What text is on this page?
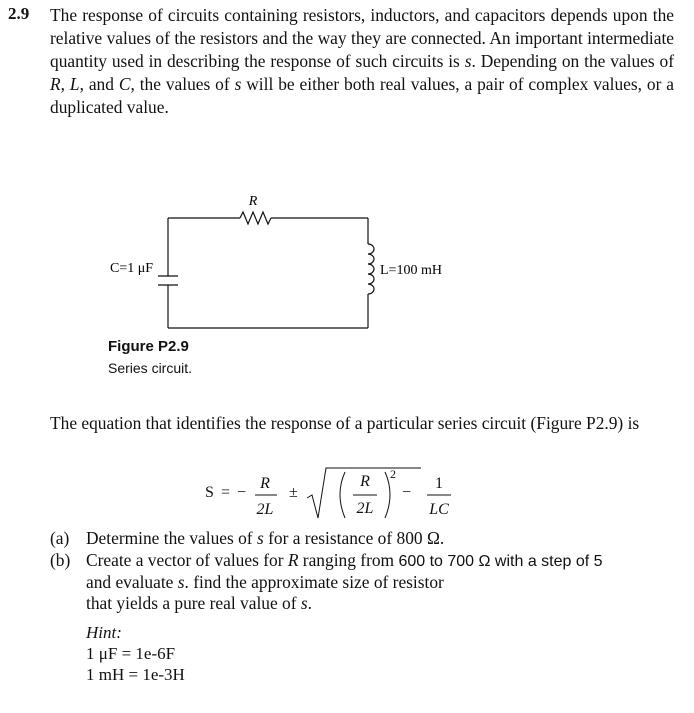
2.9 The response of circuits containing resistors, inductors, and capacitors depends upon the relative values of the resistors and the way they are connected. An important intermediate quantity used in describing the response of such circuits is s. Depending on the values of R, L, and C, the values of s will be either both real values, a pair of complex values, or a duplicated value.
R
C=1 μF	L=100 mH
Figure P2.9
Series circuit.
The equation that identifies the response of a particular series circuit (Figure P2.9) is
S = −
R
2L
±
R
2L
2
−
1
LC
(a) Determine the values of s for a resistance of 800 Ω.
(b) Create a vector of values for R ranging from 600 to 700 Ω with a step of 5
and evaluate s. find the approximate size of resistor
that yields a pure real value of s.
Hint:
1 μF = 1e-6F
1 mH = 1e-3H
